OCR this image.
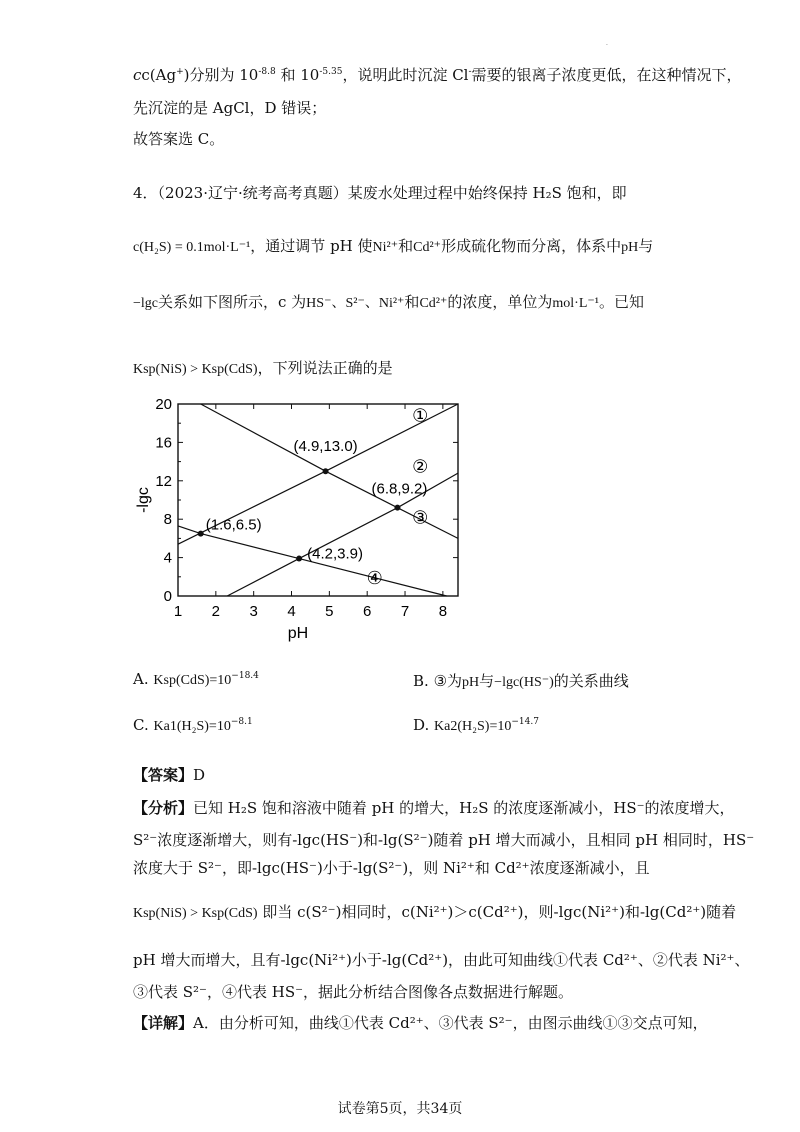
·
cc(Ag+)分别为 $10^{-8.8}$ 和 $10^{-5.35}$，说明此时沉淀 Cl-需要的银离子浓度更低，在这种情况下，
先沉淀的是 AgCl，D 错误；
故答案选 C。
4．（2023·辽宁·统考高考真题）某废水处理过程中始终保持 H₂S 饱和，即
c(H₂S) = 0.1mol·L⁻¹，通过调节 pH 使Ni²⁺和Cd²⁺形成硫化物而分离，体系中pH与
−lgc关系如下图所示，c 为HS⁻、S²⁻、Ni²⁺和Cd²⁺的浓度，单位为mol·L⁻¹。已知
Ksp(NiS) > Ksp(CdS)，下列说法正确的是
1 2 3 4 5 6 7 8
0
4
8
12
16
20
pH
-lgc
①
②
③
④
(4.9,13.0)
(6.8,9.2)
(1.6,6.5)
(4.2,3.9)
A. $Ksp(CdS)=10^{-18.4}$	B. ③为pH与−lgc(HS⁻)的关系曲线
C. $Ka1(H_2S)=10^{-8.1}$	D. $Ka2(H_2S)=10^{-14.7}$
【答案】D
【分析】已知 H₂S 饱和溶液中随着 pH 的增大，H₂S 的浓度逐渐减小，HS⁻的浓度增大，
S²⁻浓度逐渐增大，则有-lgc(HS⁻)和-lg(S²⁻)随着 pH 增大而减小，且相同 pH 相同时，HS⁻
浓度大于 S²⁻，即-lgc(HS⁻)小于-lg(S²⁻)，则 Ni²⁺和 Cd²⁺浓度逐渐减小，且
Ksp(NiS) > Ksp(CdS) 即当 c(S²⁻)相同时，c(Ni²⁺)＞c(Cd²⁺)，则-lgc(Ni²⁺)和-lg(Cd²⁺)随着
pH 增大而增大，且有-lgc(Ni²⁺)小于-lg(Cd²⁺)，由此可知曲线①代表 Cd²⁺、②代表 Ni²⁺、
③代表 S²⁻，④代表 HS⁻，据此分析结合图像各点数据进行解题。
【详解】A．由分析可知，曲线①代表 Cd²⁺、③代表 S²⁻，由图示曲线①③交点可知，
试卷第5页，共34页
